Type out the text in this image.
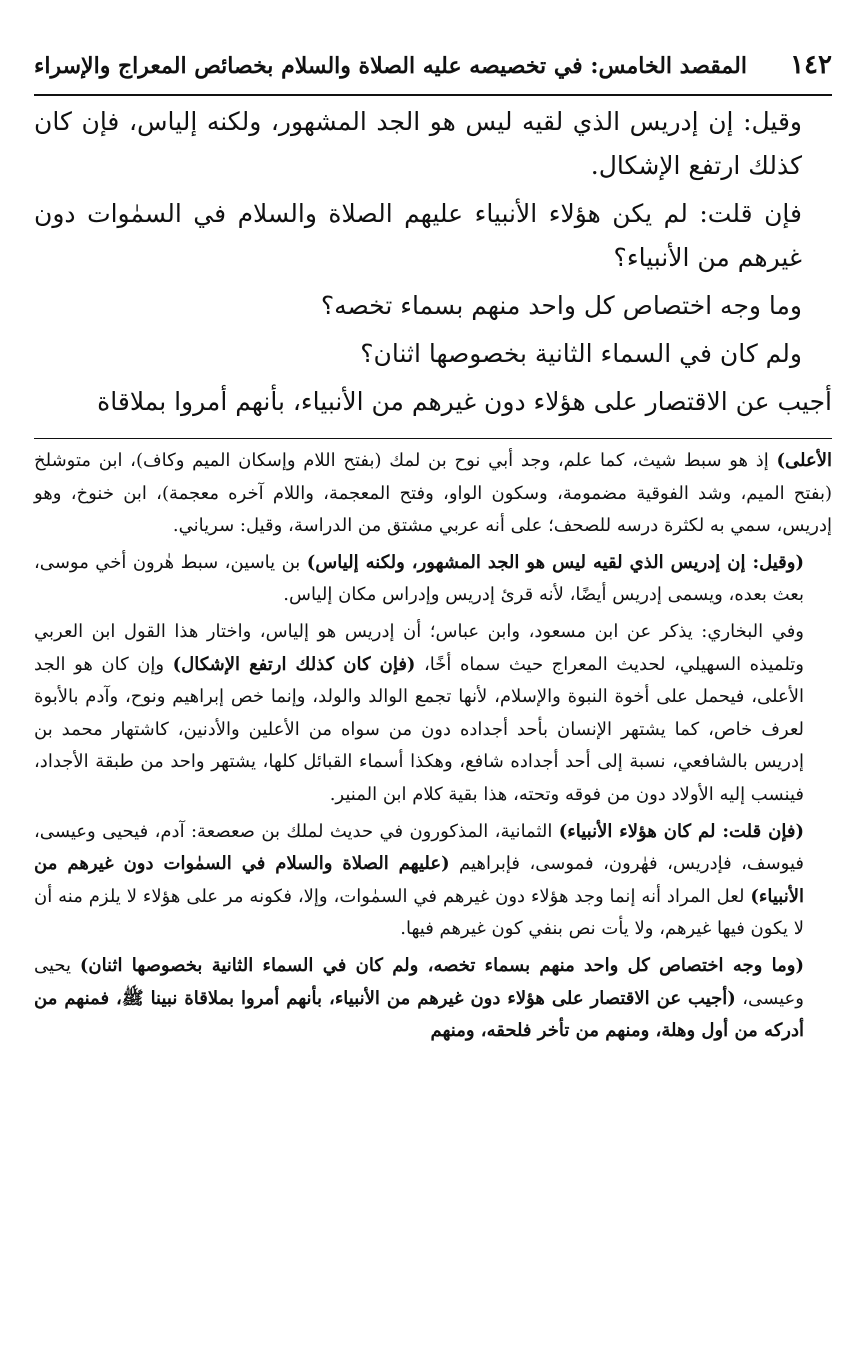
١٤٢
المقصد الخامس: في تخصيصه عليه الصلاة والسلام بخصائص المعراج والإسراء

وقيل: إن إدريس الذي لقيه ليس هو الجد المشهور، ولكنه إلياس، فإن كان كذلك ارتفع الإشكال.

فإن قلت: لم يكن هؤلاء الأنبياء عليهم الصلاة والسلام في السمٰوات دون غيرهم من الأنبياء؟

وما وجه اختصاص كل واحد منهم بسماء تخصه؟

ولم كان في السماء الثانية بخصوصها اثنان؟

أجيب عن الاقتصار على هؤلاء دون غيرهم من الأنبياء، بأنهم أمروا بملاقاة

الأعلى) إذ هو سبط شيث، كما علم، وجد أبي نوح بن لمك (بفتح اللام وإسكان الميم وكاف)، ابن متوشلخ (بفتح الميم، وشد الفوقية مضمومة، وسكون الواو، وفتح المعجمة، واللام آخره معجمة)، ابن خنوخ، وهو إدريس، سمي به لكثرة درسه للصحف؛ على أنه عربي مشتق من الدراسة، وقيل: سرياني.

(وقيل: إن إدريس الذي لقيه ليس هو الجد المشهور، ولكنه إلياس) بن ياسين، سبط هٰرون أخي موسى، بعث بعده، ويسمى إدريس أيضًا، لأنه قرئ إدريس وإدراس مكان إلياس.

وفي البخاري: يذكر عن ابن مسعود، وابن عباس؛ أن إدريس هو إلياس، واختار هذا القول ابن العربي وتلميذه السهيلي، لحديث المعراج حيث سماه أخًا، (فإن كان كذلك ارتفع الإشكال) وإن كان هو الجد الأعلى، فيحمل على أخوة النبوة والإسلام، لأنها تجمع الوالد والولد، وإنما خص إبراهيم ونوح، وآدم بالأبوة لعرف خاص، كما يشتهر الإنسان بأحد أجداده دون من سواه من الأعلين والأدنين، كاشتهار محمد بن إدريس بالشافعي، نسبة إلى أحد أجداده شافع، وهكذا أسماء القبائل كلها، يشتهر واحد من طبقة الأجداد، فينسب إليه الأولاد دون من فوقه وتحته، هذا بقية كلام ابن المنير.

(فإن قلت: لم كان هؤلاء الأنبياء) الثمانية، المذكورون في حديث لملك بن صعصعة: آدم، فيحيى وعيسى، فيوسف، فإدريس، فهٰرون، فموسى، فإبراهيم (عليهم الصلاة والسلام في السمٰوات دون غيرهم من الأنبياء) لعل المراد أنه إنما وجد هؤلاء دون غيرهم في السمٰوات، وإلا، فكونه مر على هؤلاء لا يلزم منه أن لا يكون فيها غيرهم، ولا يأت نص بنفي كون غيرهم فيها.

(وما وجه اختصاص كل واحد منهم بسماء تخصه، ولم كان في السماء الثانية بخصوصها اثنان) يحيى وعيسى، (أجيب عن الاقتصار على هؤلاء دون غيرهم من الأنبياء، بأنهم أمروا بملاقاة نبينا ﷺ، فمنهم من أدركه من أول وهلة، ومنهم من تأخر فلحقه، ومنهم
